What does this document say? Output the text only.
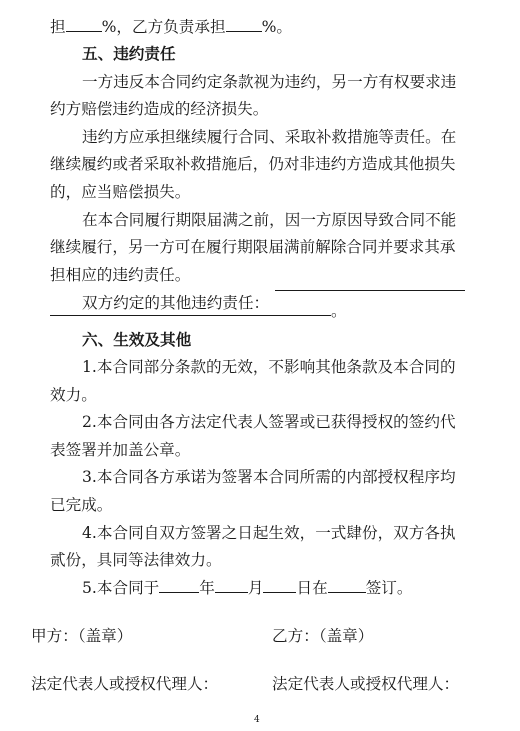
担 %，乙方负责承担 %。
五、违约责任
一方违反本合同约定条款视为违约，另一方有权要求违
约方赔偿违约造成的经济损失。
违约方应承担继续履行合同、采取补救措施等责任。在
继续履约或者采取补救措施后，仍对非违约方造成其他损失
的，应当赔偿损失。
在本合同履行期限届满之前，因一方原因导致合同不能
继续履行，另一方可在履行期限届满前解除合同并要求其承
担相应的违约责任。
双方约定的其他违约责任：	。
六、生效及其他
1.本合同部分条款的无效，不影响其他条款及本合同的
效力。
2.本合同由各方法定代表人签署或已获得授权的签约代
表签署并加盖公章。
3.本合同各方承诺为签署本合同所需的内部授权程序均
已完成。
4.本合同自双方签署之日起生效，一式肆份，双方各执
贰份，具同等法律效力。
5.本合同于	年 月 日在 签订。
甲方：（盖章）	乙方：（盖章）
法定代表人或授权代理人：	法定代表人或授权代理人：
4
